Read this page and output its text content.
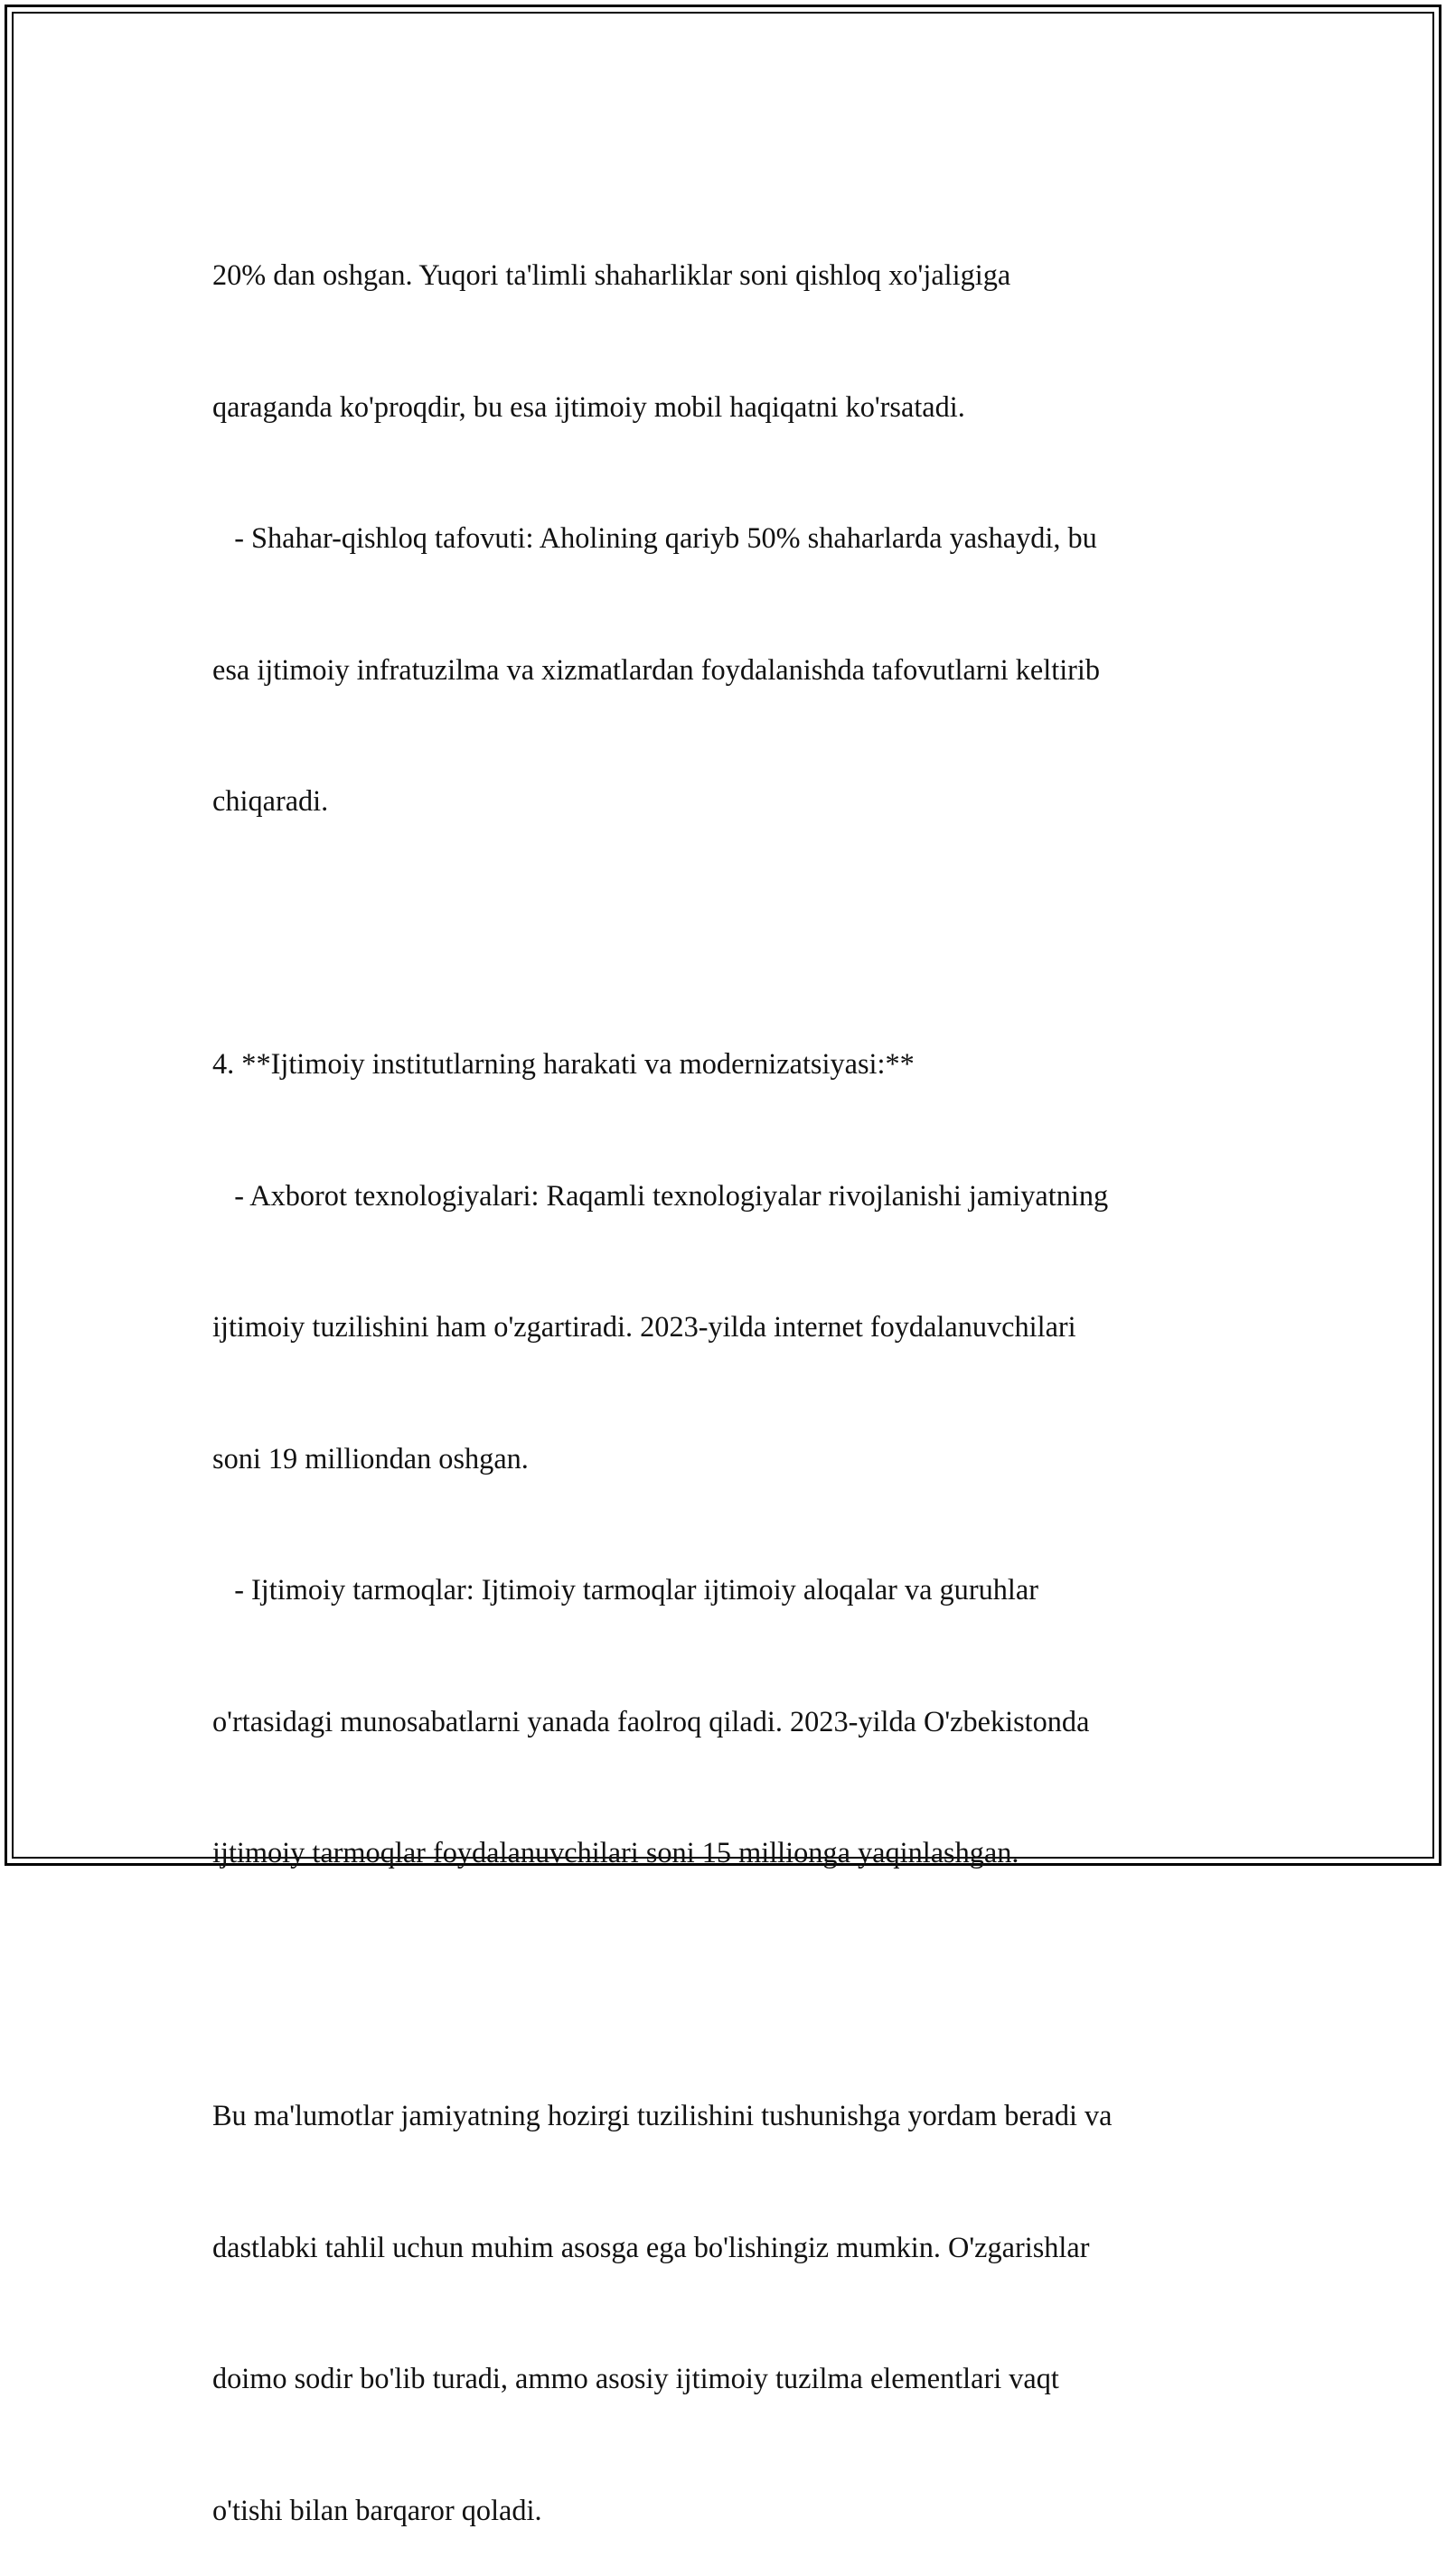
20% dan oshgan. Yuqori ta'limli shaharliklar soni qishloq xo'jaligiga

qaraganda ko'proqdir, bu esa ijtimoiy mobil haqiqatni ko'rsatadi.

- Shahar-qishloq tafovuti: Aholining qariyb 50% shaharlarda yashaydi, bu

esa ijtimoiy infratuzilma va xizmatlardan foydalanishda tafovutlarni keltirib

chiqaradi.

4. **Ijtimoiy institutlarning harakati va modernizatsiyasi:**

- Axborot texnologiyalari: Raqamli texnologiyalar rivojlanishi jamiyatning

ijtimoiy tuzilishini ham o'zgartiradi. 2023-yilda internet foydalanuvchilari

soni 19 milliondan oshgan.

- Ijtimoiy tarmoqlar: Ijtimoiy tarmoqlar ijtimoiy aloqalar va guruhlar

o'rtasidagi munosabatlarni yanada faolroq qiladi. 2023-yilda O'zbekistonda

ijtimoiy tarmoqlar foydalanuvchilari soni 15 millionga yaqinlashgan.

Bu ma'lumotlar jamiyatning hozirgi tuzilishini tushunishga yordam beradi va

dastlabki tahlil uchun muhim asosga ega bo'lishingiz mumkin. O'zgarishlar

doimo sodir bo'lib turadi, ammo asosiy ijtimoiy tuzilma elementlari vaqt

o'tishi bilan barqaror qoladi.
